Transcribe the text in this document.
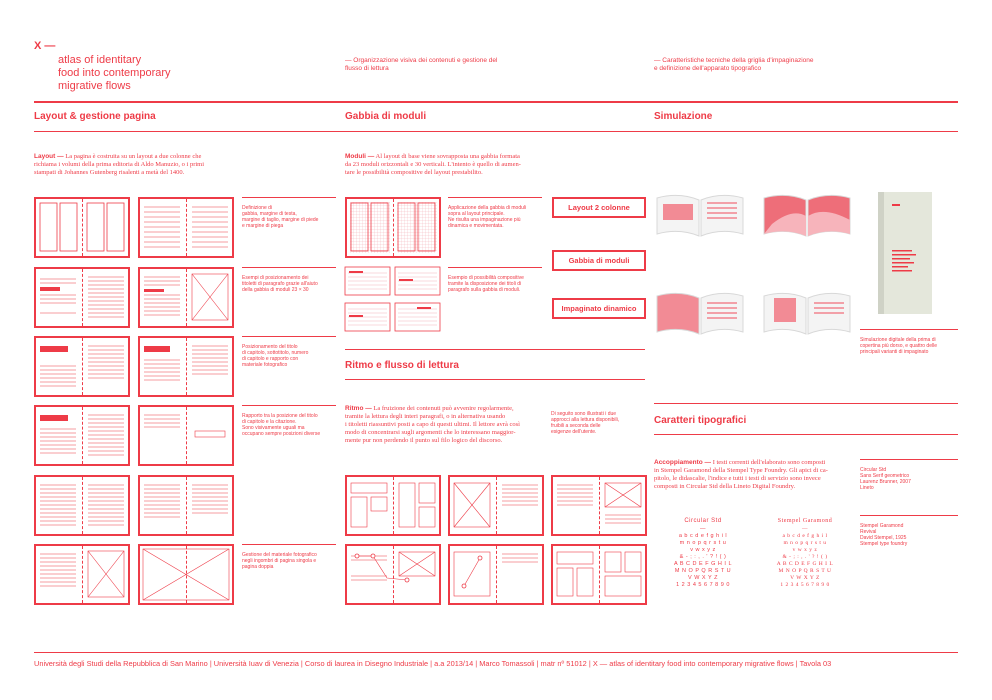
X —
atlas of identitary
food into contemporary
migrative flows
— Organizzazione visiva dei contenuti e gestione del
flusso di lettura
— Caratteristiche tecniche della griglia d'impaginazione
e definizione dell'apparato tipografico
Layout & gestione pagina	Gabbia di moduli	Simulazione
Layout — La pagina è costruita su un layout a due colonne che
richiama i volumi della prima editoria di Aldo Manuzio, o i primi
stampati di Johannes Gutenberg risalenti a metà del 1400.
Definizione di
gabbia, margine di testa,
margine di taglio, margine di piede
e margine di piega
Esempi di posizionamento dei
titoletti di paragrafo grazie all'aiuto
della gabbia di moduli 23 × 30
Posizionamento del titolo
di capitolo, sottotitolo, numero
di capitolo e rapporto con
materiale fotografico
Rapporto tra la posizione del titolo
di capitolo e la citazione.
Sono visivamente uguali ma
occupano sempre posizioni diverse
Gestione del materiale fotografico
negli ingombri di pagina singola e
pagina doppia
Moduli — Al layout di base viene sovrapposta una gabbia formata
da 23 moduli orizzontali e 30 verticali. L'intento è quello di aumen-
tare le possibilità compositive del layout prestabilito.
Applicazione della gabbia di moduli
sopra al layout principale.
Ne risulta una impaginazione più
dinamica e movimentata.
Esempio di possibilità compositive
tramite la disposizione dei titoli di
paragrafo sulla gabbia di moduli.
Layout 2 colonne
Gabbia di moduli
Impaginato dinamico
Ritmo e flusso di lettura
Ritmo — La fruizione dei contenuti può avvenire regolarmente,
tramite la lettura degli interi paragrafi, o in alternativa usando
i titoletti riassuntivi posti a capo di questi ultimi. Il lettore avrà così
modo di concentrarsi sugli argomenti che lo interessano maggior-
mente pur non perdendo il punto sul filo logico del discorso.
Di seguito sono illustrati i due
approcci alla lettura disponibili,
fruibili a seconda delle
esigenze dell'utente.
Simulazione digitale della prima di
copertina più dorso, e quattro delle
principali varianti di impaginato
Caratteri tipografici
Accoppiamento — I testi correnti dell'elaborato sono composti
in Stempel Garamond della Stempel Type Foundry. Gli apici di ca-
pitolo, le didascalie, l'indice e tutti i testi di servizio sono invece
composti in Circular Std della Lineto Digital Foundry.
Circular Std
Sans Serif geometrico
Laurenz Brunner, 2007
Lineto
Stempel Garamond
Revival
David Stempel, 1925
Stempel type foundry
Circular Std
—
a b c d e f g h i l
m n o p q r s t u
v w x y z
& - ; : , . ' ? ! ( )
A B C D E F G H I L
M N O P Q R S T U
V W X Y Z
1 2 3 4 5 6 7 8 9 0
Stempel Garamond
—
a b c d e f g h i l
m n o p q r s t u
v w x y z
& - ; : , . ' ? ! ( )
A B C D E F G H I L
M N O P Q R S T U
V W X Y Z
1 2 3 4 5 6 7 8 9 0
Università degli Studi della Repubblica di San Marino | Università Iuav di Venezia | Corso di laurea in Disegno Industriale | a.a 2013/14 | Marco Tomassoli | matr nº 51012 | X — atlas of identitary food into contemporary migrative flows | Tavola 03
